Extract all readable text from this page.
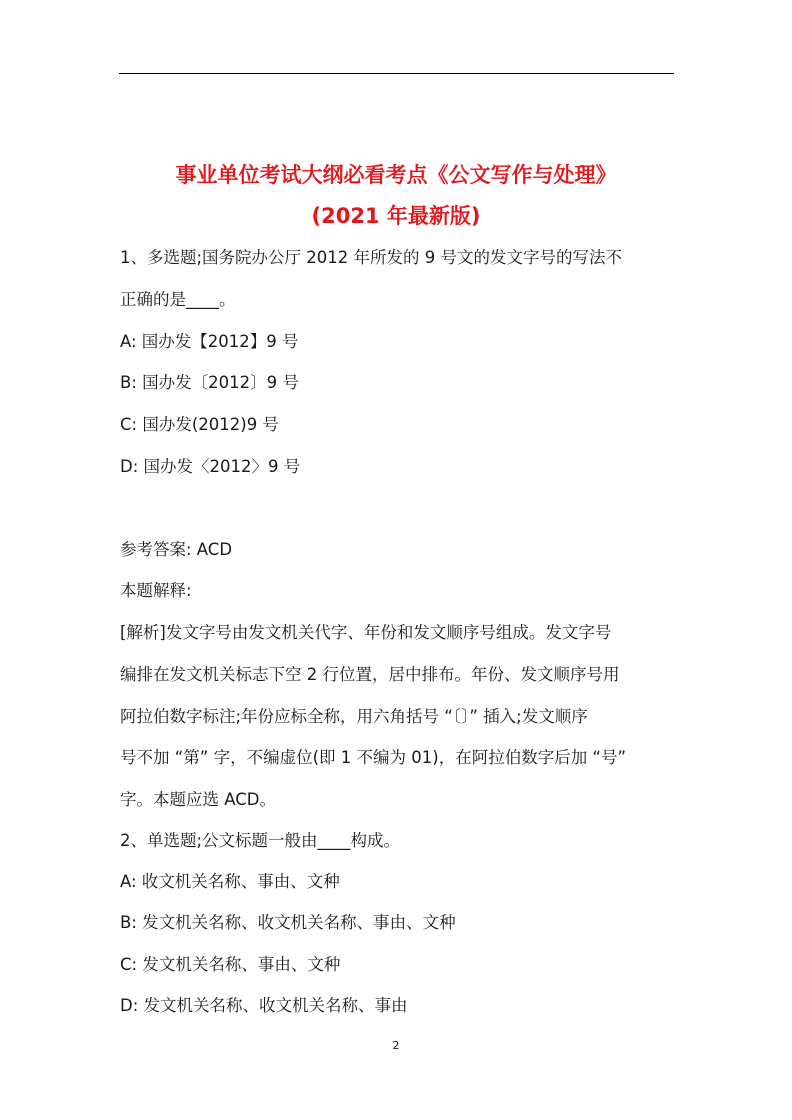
事业单位考试大纲必看考点《公文写作与处理》
(2021 年最新版)
1、多选题;国务院办公厅 2012 年所发的 9 号文的发文字号的写法不
正确的是____。
A: 国办发【2012】9 号
B: 国办发〔2012〕9 号
C: 国办发(2012)9 号
D: 国办发〈2012〉9 号
参考答案: ACD
本题解释:
[解析]发文字号由发文机关代字、年份和发文顺序号组成。发文字号
编排在发文机关标志下空 2 行位置，居中排布。年份、发文顺序号用
阿拉伯数字标注;年份应标全称，用六角括号 “〔〕” 插入;发文顺序
号不加 “第” 字，不编虚位(即 1 不编为 01)，在阿拉伯数字后加 “号”
字。本题应选 ACD。
2、单选题;公文标题一般由____构成。
A: 收文机关名称、事由、文种
B: 发文机关名称、收文机关名称、事由、文种
C: 发文机关名称、事由、文种
D: 发文机关名称、收文机关名称、事由
2
